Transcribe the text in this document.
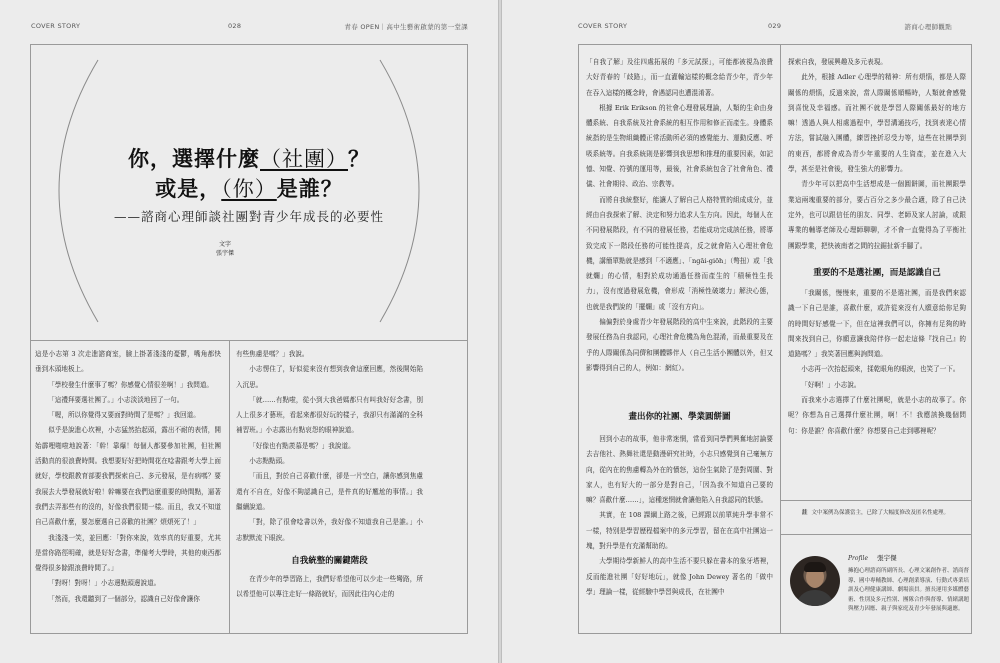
COVER STORY	028	青春 OPEN｜高中生藝術啟蒙的第一堂課
你，選擇什麼（社團）？
或是，（你）是誰？
——諮商心理師談社團對青少年成長的必要性
文字
張宇傑

這是小志第 3 次走進諮商室，臉上掛著淺淺的憂鬱，嘴角都快垂到木頭地板上。

「學校發生什麼事了嗎？你感覺心情很差啊！」我問道。

「這禮拜要選社團了。」小志淡淡地回了一句。

「喔，所以你覺得又要面對時間了是嗎？」我回道。

似乎是說進心坎裡，小志猛然抬起頭，露出不耐的表情，開始霹哩啪啦地說著：「幹！靠爆！每個人都要參加社團，但社團活動真的很浪費時間。我想要好好把時間花在唸書跟考大學上面就好，學校跟教育部要我們探索自己、多元發展，是有病嗎？要我展去大學發展就好啦！幹嘛要在我們這麼重要的時間點，逼著我們去弄那些有的沒的，好像我們很閒一樣。而且，我又不知道自己喜歡什麼，要怎麼選自己喜歡的社團？煩煩死了！」

我淺淺一笑，並回應：「對你來說，效率真的好重要，尤其是當你路徑明確，就是好好念書，準備考大學時，其他的東西都覺得很多餘跟浪費時間了。」

「對呀！對呀！」小志邊點頭邊說道。

「然而，我還聽到了一個部分，認識自己好像會讓你

有些焦慮是嗎？」我說。

小志愣住了，好似從來沒有想到我會這麼回應，然後開始陷入沉思。

「就……有點啦，從小到大我爸媽都只有叫我好好念書，別人上很多才藝班，看起來都很好玩的樣子，我卻只有滿滿的全科補習班。」小志露出有點哀怨的眼神說道。

「好像也有點羨慕是嗎？」我說道。

小志點點頭。

「而且，對於自己喜歡什麼，卻是一片空白，讓你感到焦慮還有不自在，好像不夠認識自己，是件真的好尷尬的事情。」我繼續說道。

「對，除了很會唸書以外，我好像不知道我自己是誰。」小志默默流下眼淚。

自我統整的關鍵階段

在青少年的學習路上，我們好希望他可以少走一些彎路，所以希望他可以專注走好一條路就好，而因此往內心走的

COVER STORY	029	諮商心理師觀點

「自我了解」及往四處拓展的「多元試探」，可能都被視為浪費大好青春的「歧路」，而一直灌輸這樣的概念給青少年，青少年在吞入這樣的概念時，會遇認同也遭混淆著。

根據 Erik Erikson 的社會心理發展理論，人類的生命由身體系統、自我系統及社會系統的相互作用和修正而產生。身體系統指的是生物組織體正常活動所必須的感覺能力、運動反應、呼吸系統等。自我系統則是影響到我思想和推理的重要因素，如記憶、知覺、符號的運用等，最後，社會系統包含了社會角色、禮儀、社會期待、政治、宗教等。

而將自我統整好，能讓人了解自己人格特質的組成成分，並經由自我探索了解、決定和努力追求人生方向。因此，每個人在不同發展階段，有不同的發展任務，若能成功完成該任務，將導致完成下一階段任務的可能性提高，反之就會陷入心理社會危機，講簡單點就是感到「不適應」、「ngāi-giōh」（彆扭）或「我就爛」的心情，相對於成功通過任務而產生的「積極性生長力」，沒有度過發展危機，會形成「消極性破壞力」解決心態，也就是我們說的「擺爛」或「沒有方向」。

偏偏對於身處青少年發展階段的高中生來說，此階段的主要發展任務為自我認同，心理社會危機為角色混淆，而最重要及在乎的人際關係為同儕和團體夥伴人（自己生活小團體以外，但又影響得到自己的人，例如：網紅）。

畫出你的社團、學業圓餅圖

回到小志的故事，他非常迷惘，當看到同學們興奮地討論要去吉他社、熱舞社還是動漫研究社時，小志只感覺到自己毫無方向，從內在的焦慮轉為外在的憤怒，這份生氣除了是對周圍、對家人，也有好大的一部分是對自己，「因為我不知道自己要的嘛？喜歡什麼……」，這種迷惘就會讓他陷入自我認同的狀態。

其實，在 108 課綱上路之後，已經跟以前單純升學非常不一樣，特別是學習歷程檔案中的多元學習，留在在高中社團這一塊，對升學是有充滿幫助的。

大學期待學新鮮人的高中生活不要只躲在書本的象牙塔裡，反而能進社團「好好地玩」，就像 John Dewey 著名的「做中學」理論一樣，從經驗中學習與成長，在社團中

探索自我，發展興趣及多元表現。

此外，根據 Adler 心理學的精神：所有煩惱，都是人際關係的煩惱，反過來說，當人際關係順暢時，人類就會感覺到喜悅及幸福感。而社團不就是學習人際關係最好的地方嘛！透過人與人相處過程中，學習溝通技巧，找到表達心情方法，嘗試融入團體，練習挫折忍受力等，這些在社團學到的東西，都將會成為青少年重要的人生資產，並在進入大學，甚至是社會後，發生強大的影響力。

青少年可以把高中生活想成是一個圓餅圖，而社團跟學業這兩塊重要的部分，要占百分之多少最合適，除了自己決定外，也可以跟信任的朋友、同學、老師及家人討論，或跟專業的輔導老師及心理師聊聊，才不會一直覺得為了平衡社團跟學業，把快被南者之間的拉鋸扯新手腳了。

重要的不是選社團，而是認識自己

「我關係，慢慢來，重要的不是選社團，而是我們來認識一下自己是誰，喜歡什麼，或許從來沒有人願意給你足夠的時間好好感覺一下，但在這裡我們可以，你擁有足夠的時間來找到自己，你願意讓我陪伴你一起走這條『找自己』的道路嗎？」我笑著回應與詢問道。

小志再一次抬起頭來，揉乾眼角的眼淚，也笑了一下。

「好啊！」小志說。

而我來小志選擇了什麼社團呢，就是小志的故事了。你呢？你想為自己選擇什麼社團，啊！不！我應該換幾個問句：你是誰？你喜歡什麼？你想要自己走到哪裡呢？

註 文中案例為保護當主，已除了大幅度修改及匿名性處理。
Profile 張宇傑
擁抱心理諮商所副所長、心理文案創作者、諮商督導、國中專輔教師、心理創業導演、行動式專業培訓及心理健康講師、劇場演員。擅長運用多媒體藝術、性別及多元性別、團隊合作與督導、情緒講題與壓力因應、親子與家庭及青少年發展與適應。
